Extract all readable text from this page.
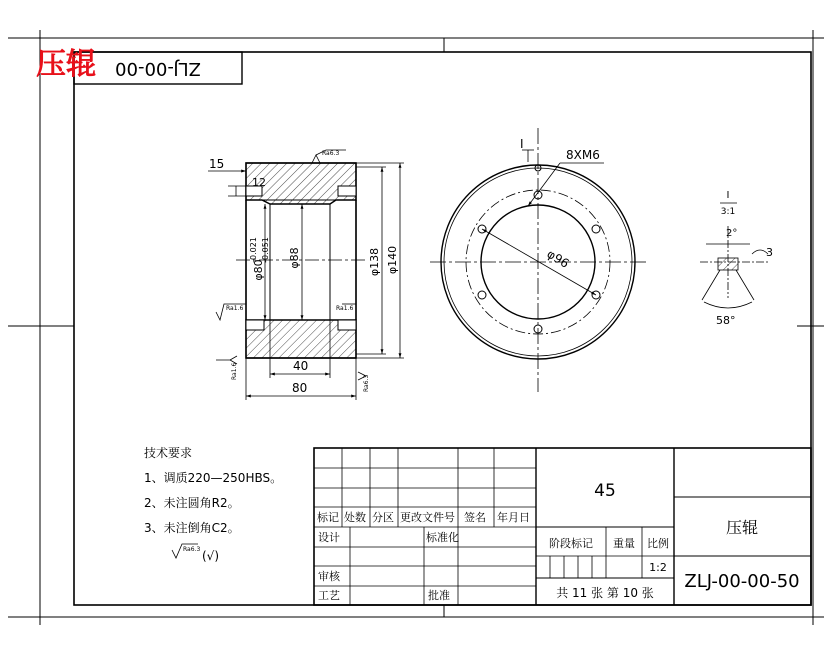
ZLJ-00-00
压辊
15
12
φ80
-0.021 -0.051 φ88	φ138 φ140
40
80
Ra6.3
Ra1.6	Ra1.6
Ra1.6
Ra6.3
φ96
8XM6
I
I
3:1
2°
3
58°
标记 处数 分区 更改文件号 签名 年月日
设计	标准化
审核
工艺	批准
45
阶段标记 重量 比例
1:2
共 11 张 第 10 张
压辊
ZLJ-00-00-50
Ra6.3 (√)
技术要求
1、调质220—250HBS。
2、未注圆角R2。
3、未注倒角C2。
